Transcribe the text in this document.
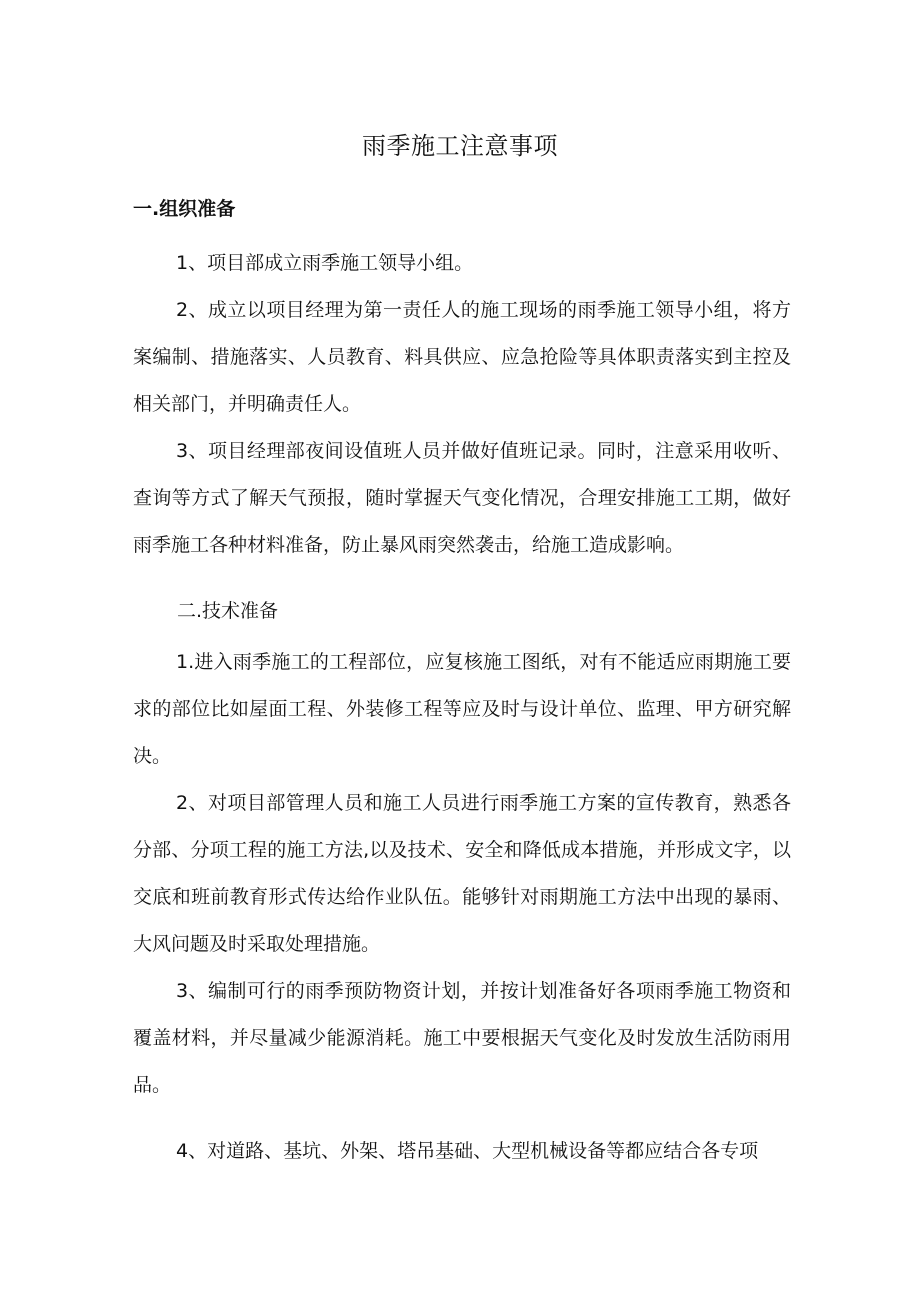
雨季施工注意事项
一.组织准备

1、项目部成立雨季施工领导小组。

2、成立以项目经理为第一责任人的施工现场的雨季施工领导小组，将方案编制、措施落实、人员教育、料具供应、应急抢险等具体职责落实到主控及相关部门，并明确责任人。

3、项目经理部夜间设值班人员并做好值班记录。同时，注意采用收听、查询等方式了解天气预报，随时掌握天气变化情况，合理安排施工工期，做好雨季施工各种材料准备，防止暴风雨突然袭击，给施工造成影响。

二.技术准备

1.进入雨季施工的工程部位，应复核施工图纸，对有不能适应雨期施工要求的部位比如屋面工程、外装修工程等应及时与设计单位、监理、甲方研究解决。

2、对项目部管理人员和施工人员进行雨季施工方案的宣传教育，熟悉各分部、分项工程的施工方法,以及技术、安全和降低成本措施，并形成文字，以交底和班前教育形式传达给作业队伍。能够针对雨期施工方法中出现的暴雨、大风问题及时采取处理措施。

3、编制可行的雨季预防物资计划，并按计划准备好各项雨季施工物资和覆盖材料，并尽量减少能源消耗。施工中要根据天气变化及时发放生活防雨用品。

4、对道路、基坑、外架、塔吊基础、大型机械设备等都应结合各专项
